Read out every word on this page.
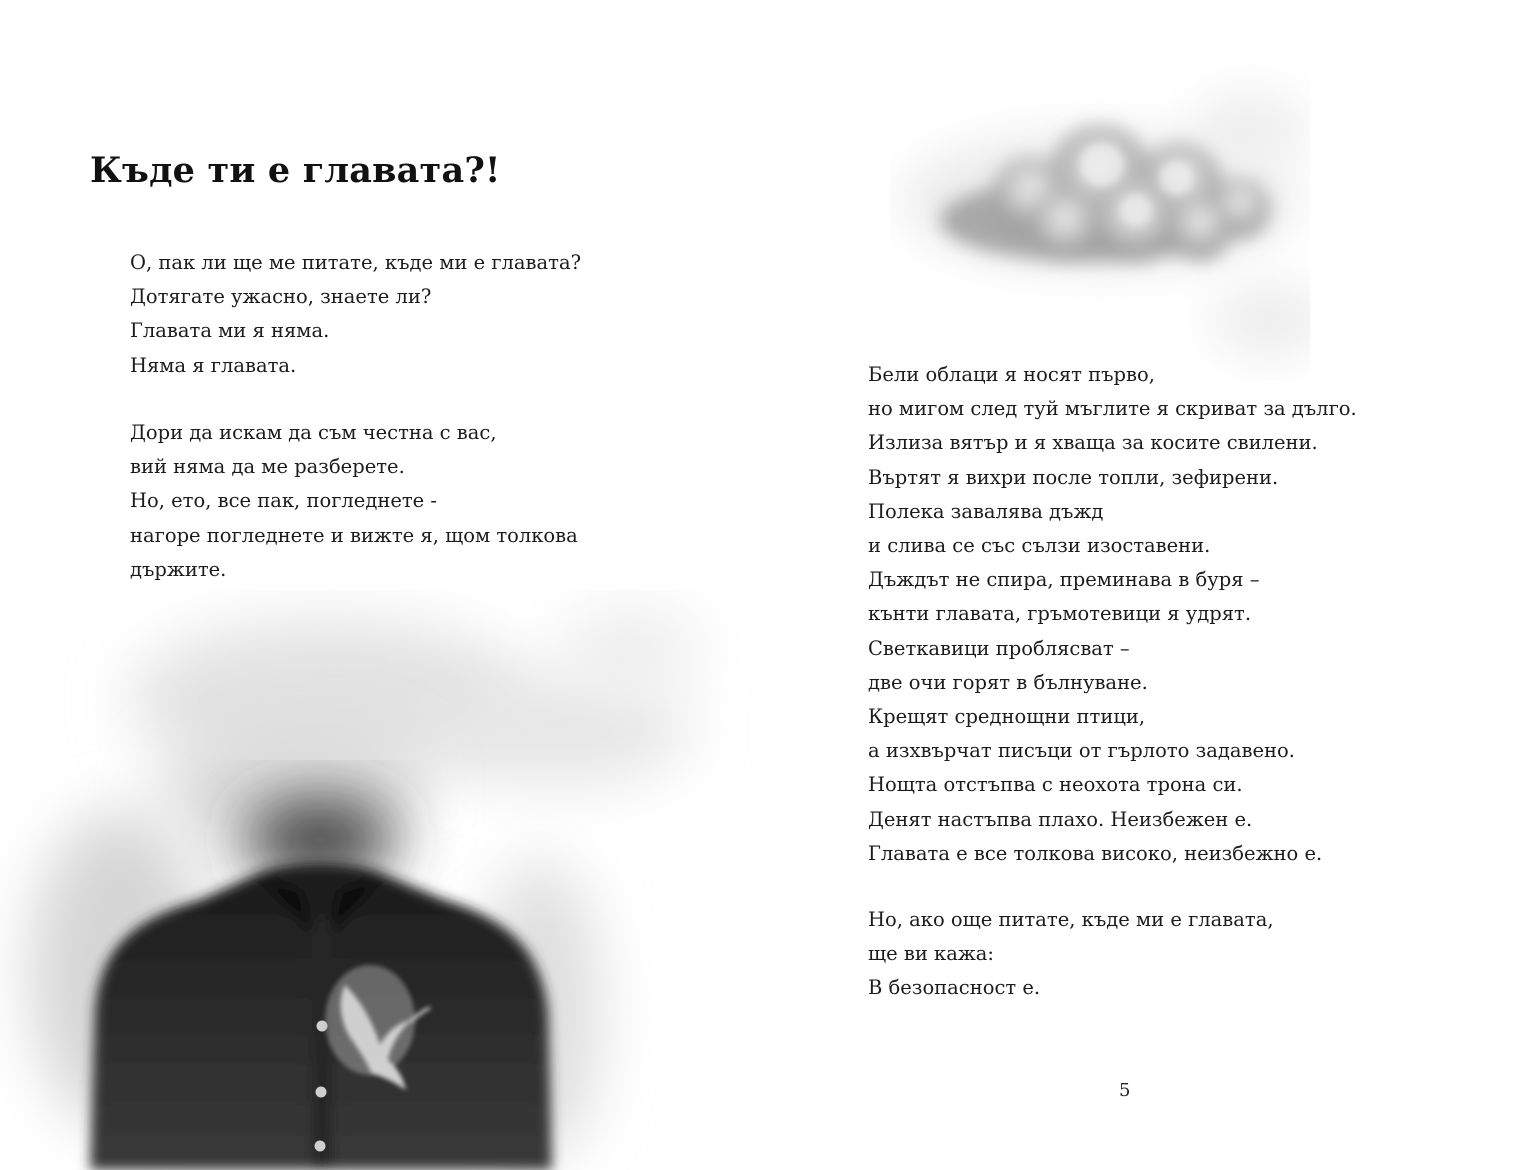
Къде ти е главата?!
О, пак ли ще ме питате, къде ми е главата?
Дотягате ужасно, знаете ли?
Главата ми я няма.
Няма я главата.
Дори да искам да съм честна с вас,
вий няма да ме разберете.
Но, ето, все пак, погледнете -
нагоре погледнете и вижте я, щом толкова
държите.
Бели облаци я носят първо,
но мигом след туй мъглите я скриват за дълго.
Излиза вятър и я хваща за косите свилени.
Въртят я вихри после топли, зефирени.
Полека завалява дъжд
и слива се със сълзи изоставени.
Дъждът не спира, преминава в буря –
кънти главата, гръмотевици я удрят.
Светкавици проблясват –
две очи горят в бълнуване.
Крещят среднощни птици,
а изхвърчат писъци от гърлото задавено.
Нощта отстъпва с неохота трона си.
Денят настъпва плахо. Неизбежен е.
Главата е все толкова високо, неизбежно е.
Но, ако още питате, къде ми е главата,
ще ви кажа:
В безопасност е.
5
